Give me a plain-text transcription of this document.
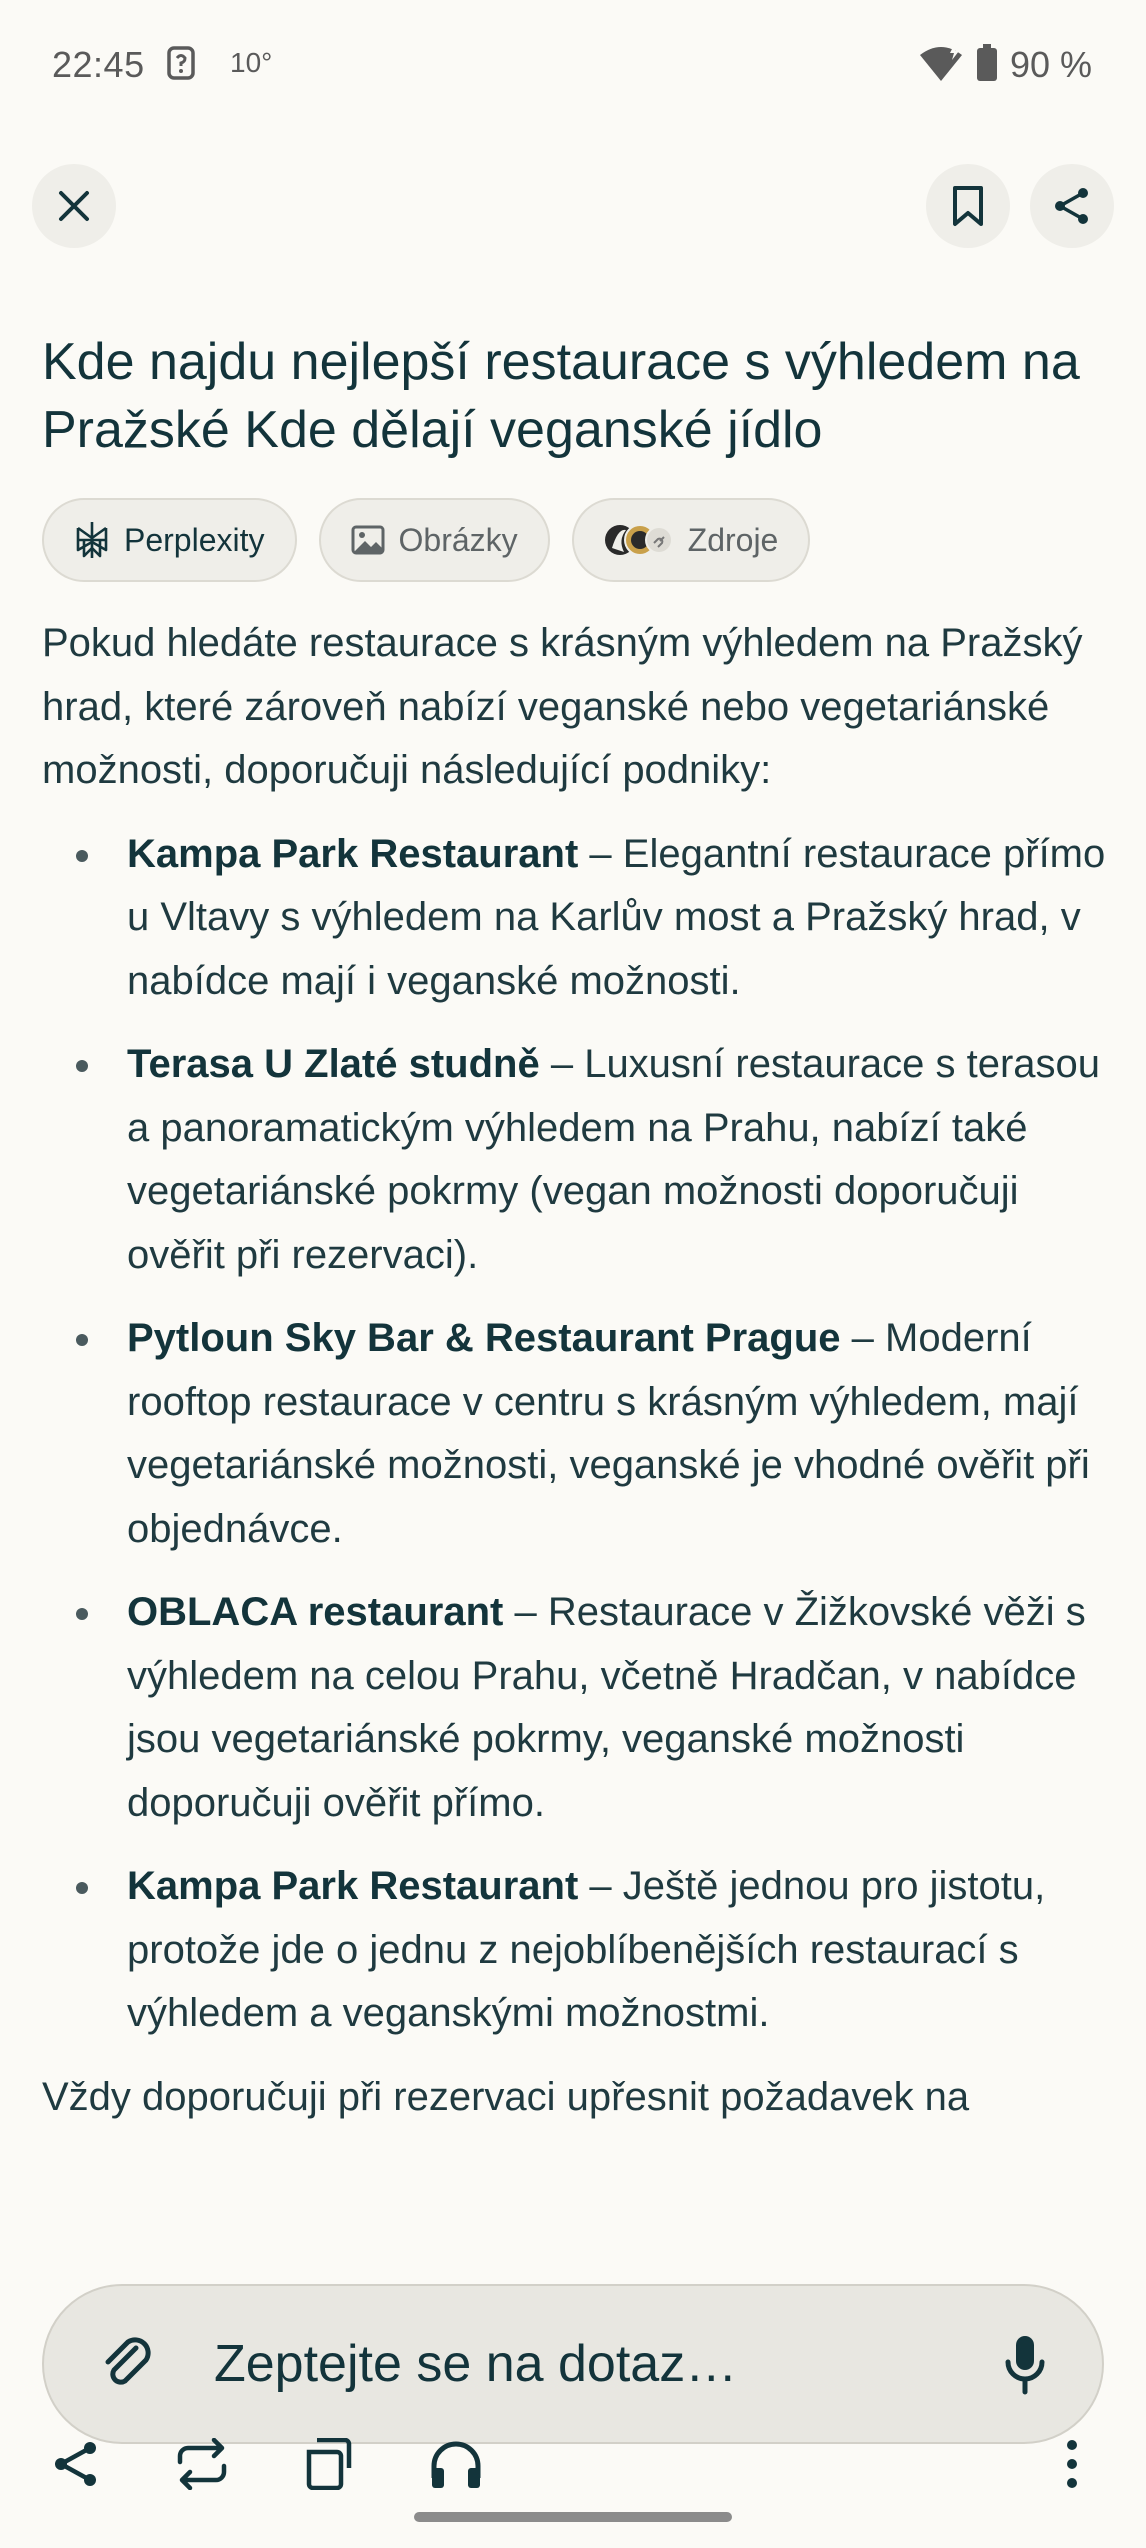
22:45	10°	90 %
Kde najdu nejlepší restaurace s výhledem na Pražské Kde dělají veganské jídlo
Perplexity	Obrázky	Zdroje

Pokud hledáte restaurace s krásným výhledem na Pražský hrad, které zároveň nabízí veganské nebo vegetariánské možnosti, doporučuji následující podniky:

Kampa Park Restaurant – Elegantní restaurace přímo u Vltavy s výhledem na Karlův most a Pražský hrad, v nabídce mají i veganské možnosti.
Terasa U Zlaté studně – Luxusní restaurace s terasou a panoramatickým výhledem na Prahu, nabízí také vegetariánské pokrmy (vegan možnosti doporučuji ověřit při rezervaci).
Pytloun Sky Bar & Restaurant Prague – Moderní rooftop restaurace v centru s krásným výhledem, mají vegetariánské možnosti, veganské je vhodné ověřit při objednávce.
OBLACA restaurant – Restaurace v Žižkovské věži s výhledem na celou Prahu, včetně Hradčan, v nabídce jsou vegetariánské pokrmy, veganské možnosti doporučuji ověřit přímo.
Kampa Park Restaurant – Ještě jednou pro jistotu, protože jde o jednu z nejoblíbenějších restaurací s výhledem a veganskými možnostmi.

Vždy doporučuji při rezervaci upřesnit požadavek na

Zeptejte se na dotaz…
